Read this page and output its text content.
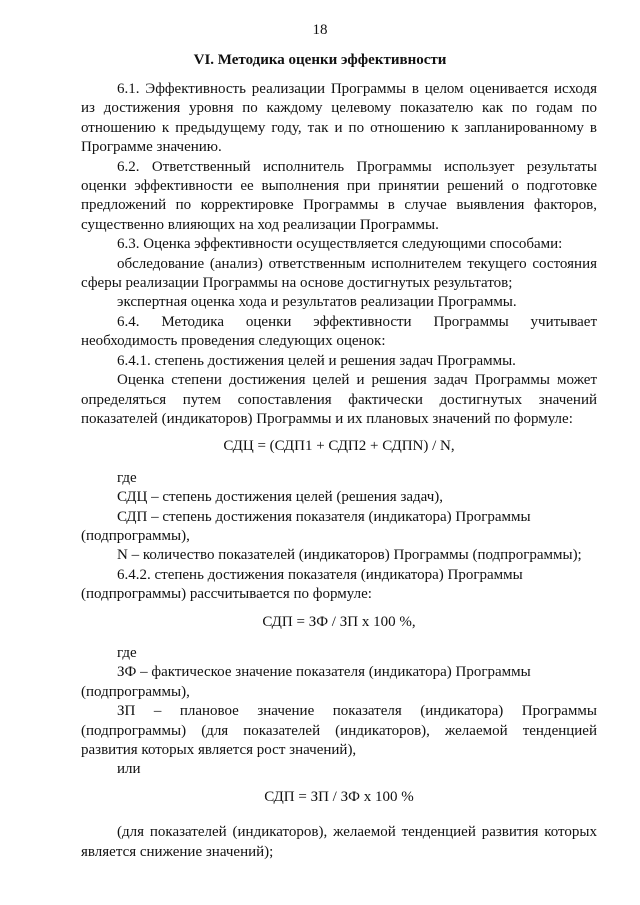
18
VI. Методика оценки эффективности

6.1. Эффективность реализации Программы в целом оценивается исходя из достижения уровня по каждому целевому показателю как по годам по отношению к предыдущему году, так и по отношению к запланированному в Программе значению.

6.2. Ответственный исполнитель Программы использует результаты оценки эффективности ее выполнения при принятии решений о подготовке предложений по корректировке Программы в случае выявления факторов, существенно влияющих на ход реализации Программы.

6.3. Оценка эффективности осуществляется следующими способами:

обследование (анализ) ответственным исполнителем текущего состояния сферы реализации Программы на основе достигнутых результатов;

экспертная оценка хода и результатов реализации Программы.

6.4. Методика оценки эффективности Программы учитывает необходимость проведения следующих оценок:

6.4.1. степень достижения целей и решения задач Программы.

Оценка степени достижения целей и решения задач Программы может определяться путем сопоставления фактически достигнутых значений показателей (индикаторов) Программы и их плановых значений по формуле:

СДЦ = (СДП1 + СДП2 + СДПN) / N,

где

СДЦ – степень достижения целей (решения задач),

СДП – степень достижения показателя (индикатора) Программы

(подпрограммы),

N – количество показателей (индикаторов) Программы (подпрограммы);

6.4.2. степень достижения показателя (индикатора) Программы

(подпрограммы) рассчитывается по формуле:

СДП = ЗФ / ЗП х 100 %,

где

ЗФ – фактическое значение показателя (индикатора) Программы

(подпрограммы),

ЗП – плановое значение показателя (индикатора) Программы (подпрограммы) (для показателей (индикаторов), желаемой тенденцией развития которых является рост значений),

или

СДП = ЗП / ЗФ х 100 %

(для показателей (индикаторов), желаемой тенденцией развития которых является снижение значений);
